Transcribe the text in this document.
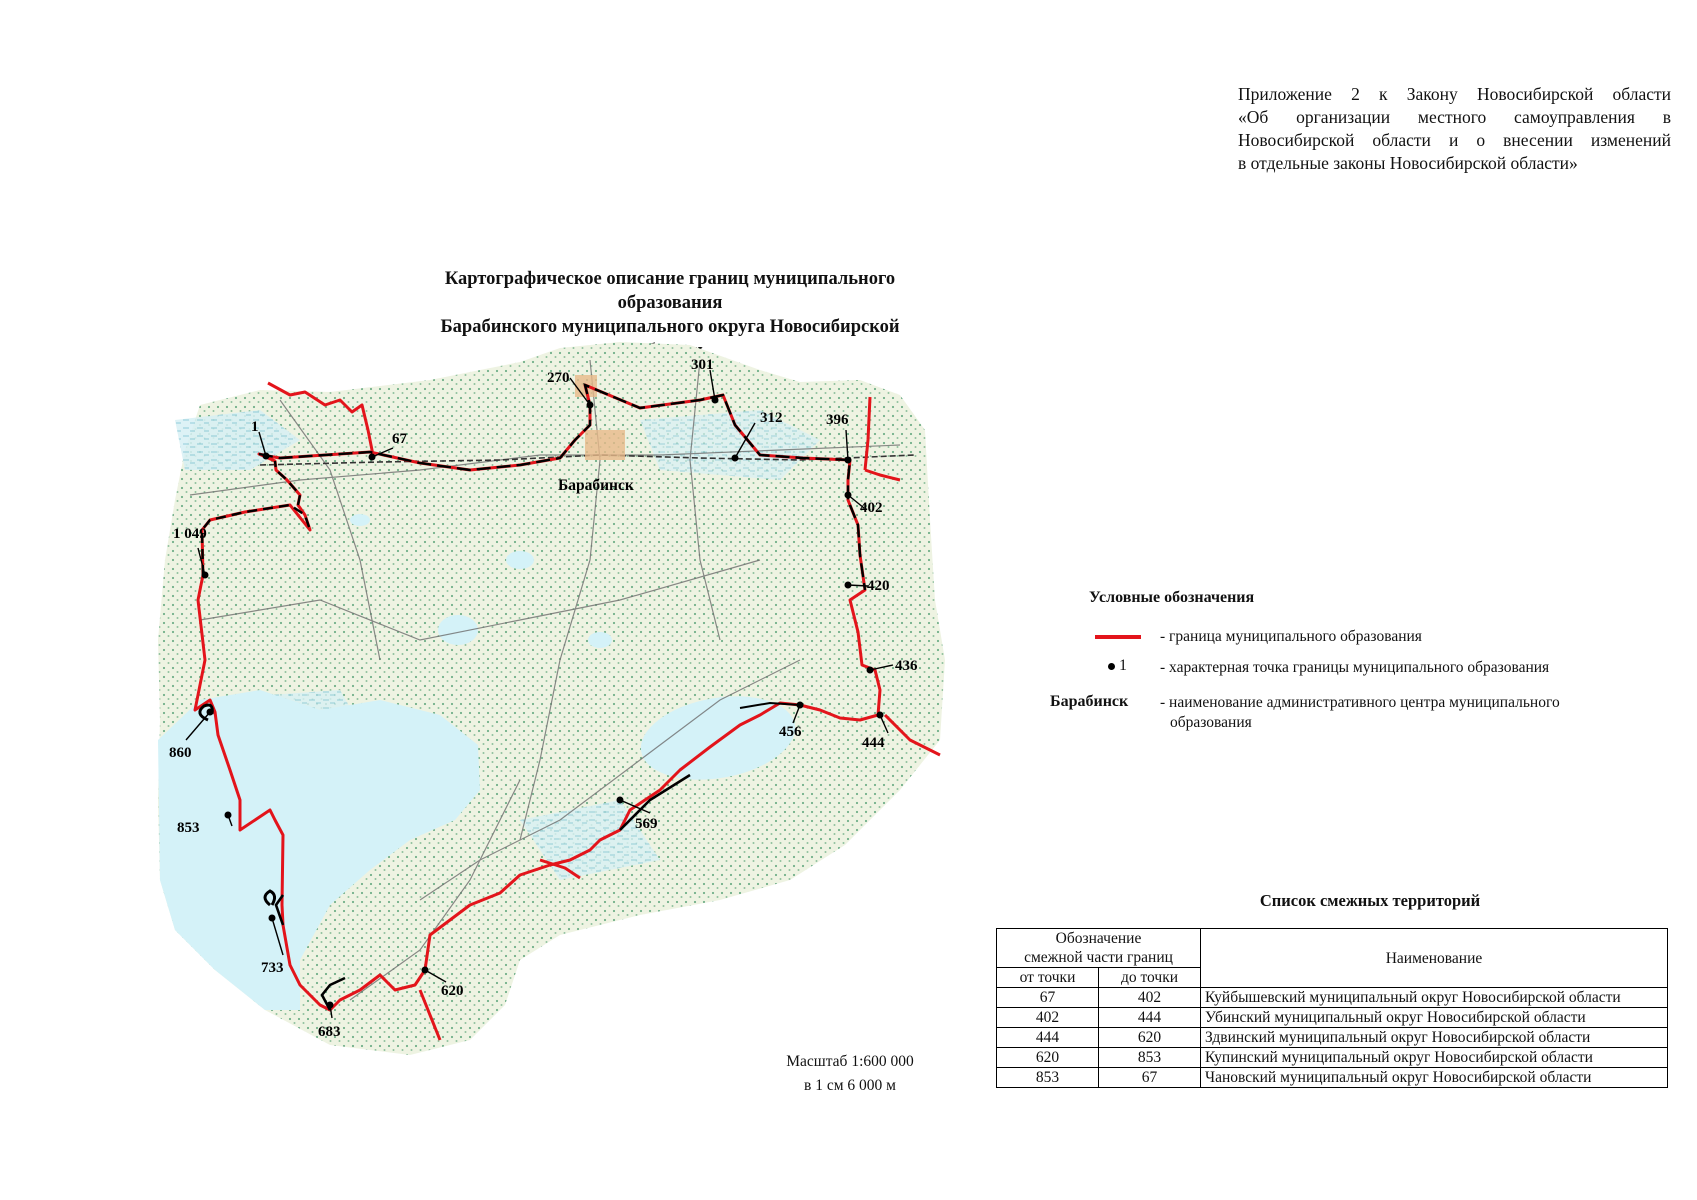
Приложение 2 к Закону Новосибирской области
«Об организации местного самоуправления в
Новосибирской области и о внесении изменений
в отдельные законы Новосибирской области»
Картографическое описание границ муниципального образования
Барабинского муниципального округа Новосибирской
1
67
270
301
312	396
402
420
436
444
456
569
620
683
733
853
860
1 049
Барабинск
Условные обозначения
- граница муниципального образования
1 - характерная точка границы муниципального образования
Барабинск - наименование административного центра муниципального
образования
Масштаб 1:600 000
в 1 см 6 000 м
Список смежных территорий
Обозначение
смежной части границ		Наименование
от точки	до точки	
67	402	Куйбышевский муниципальный округ Новосибирской области
402	444	Убинский муниципальный округ Новосибирской области
444	620	Здвинский муниципальный округ Новосибирской области
620	853	Купинский муниципальный округ Новосибирской области
853	67	Чановский муниципальный округ Новосибирской области
